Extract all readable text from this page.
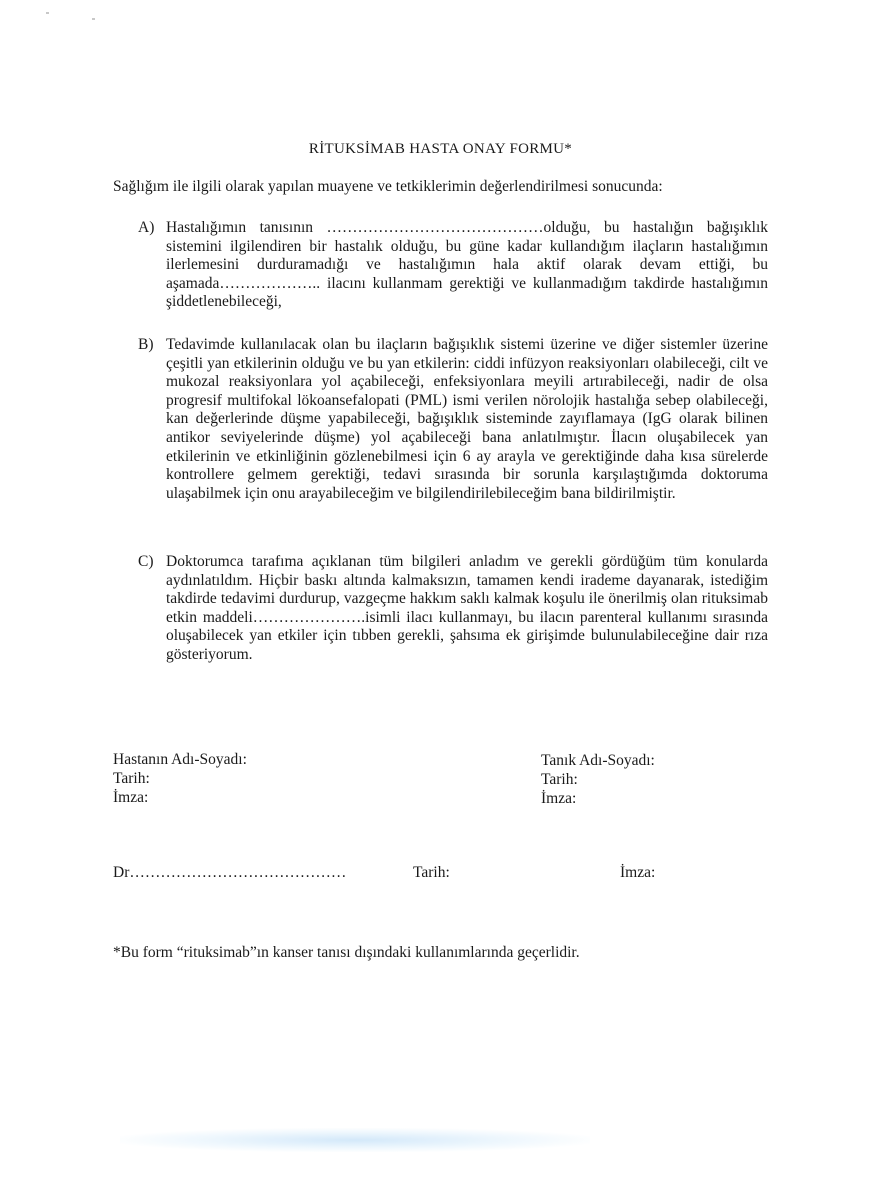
RİTUKSİMAB HASTA ONAY FORMU*
Sağlığım ile ilgili olarak yapılan muayene ve tetkiklerimin değerlendirilmesi sonucunda:
A) Hastalığımın tanısının ……………………………………olduğu, bu hastalığın bağışıklık sistemini ilgilendiren bir hastalık olduğu, bu güne kadar kullandığım ilaçların hastalığımın ilerlemesini durduramadığı ve hastalığımın hala aktif olarak devam ettiği, bu aşamada……………….. ilacını kullanmam gerektiği ve kullanmadığım takdirde hastalığımın şiddetlenebileceği,
B) Tedavimde kullanılacak olan bu ilaçların bağışıklık sistemi üzerine ve diğer sistemler üzerine çeşitli yan etkilerinin olduğu ve bu yan etkilerin: ciddi infüzyon reaksiyonları olabileceği, cilt ve mukozal reaksiyonlara yol açabileceği, enfeksiyonlara meyili artırabileceği, nadir de olsa progresif multifokal lökoansefalopati (PML) ismi verilen nörolojik hastalığa sebep olabileceği, kan değerlerinde düşme yapabileceği, bağışıklık sisteminde zayıflamaya (IgG olarak bilinen antikor seviyelerinde düşme) yol açabileceği bana anlatılmıştır. İlacın oluşabilecek yan etkilerinin ve etkinliğinin gözlenebilmesi için 6 ay arayla ve gerektiğinde daha kısa sürelerde kontrollere gelmem gerektiği, tedavi sırasında bir sorunla karşılaştığımda doktoruma ulaşabilmek için onu arayabileceğim ve bilgilendirilebileceğim bana bildirilmiştir.
C) Doktorumca tarafıma açıklanan tüm bilgileri anladım ve gerekli gördüğüm tüm konularda aydınlatıldım. Hiçbir baskı altında kalmaksızın, tamamen kendi irademe dayanarak, istediğim takdirde tedavimi durdurup, vazgeçme hakkım saklı kalmak koşulu ile önerilmiş olan rituksimab etkin maddeli………………….isimli ilacı kullanmayı, bu ilacın parenteral kullanımı sırasında oluşabilecek yan etkiler için tıbben gerekli, şahsıma ek girişimde bulunulabileceğine dair rıza gösteriyorum.
Hastanın Adı-Soyadı:
Tarih:
İmza:
Tanık Adı-Soyadı:
Tarih:
İmza:
Dr……………………………………	Tarih:	İmza:
*Bu form “rituksimab”ın kanser tanısı dışındaki kullanımlarında geçerlidir.
